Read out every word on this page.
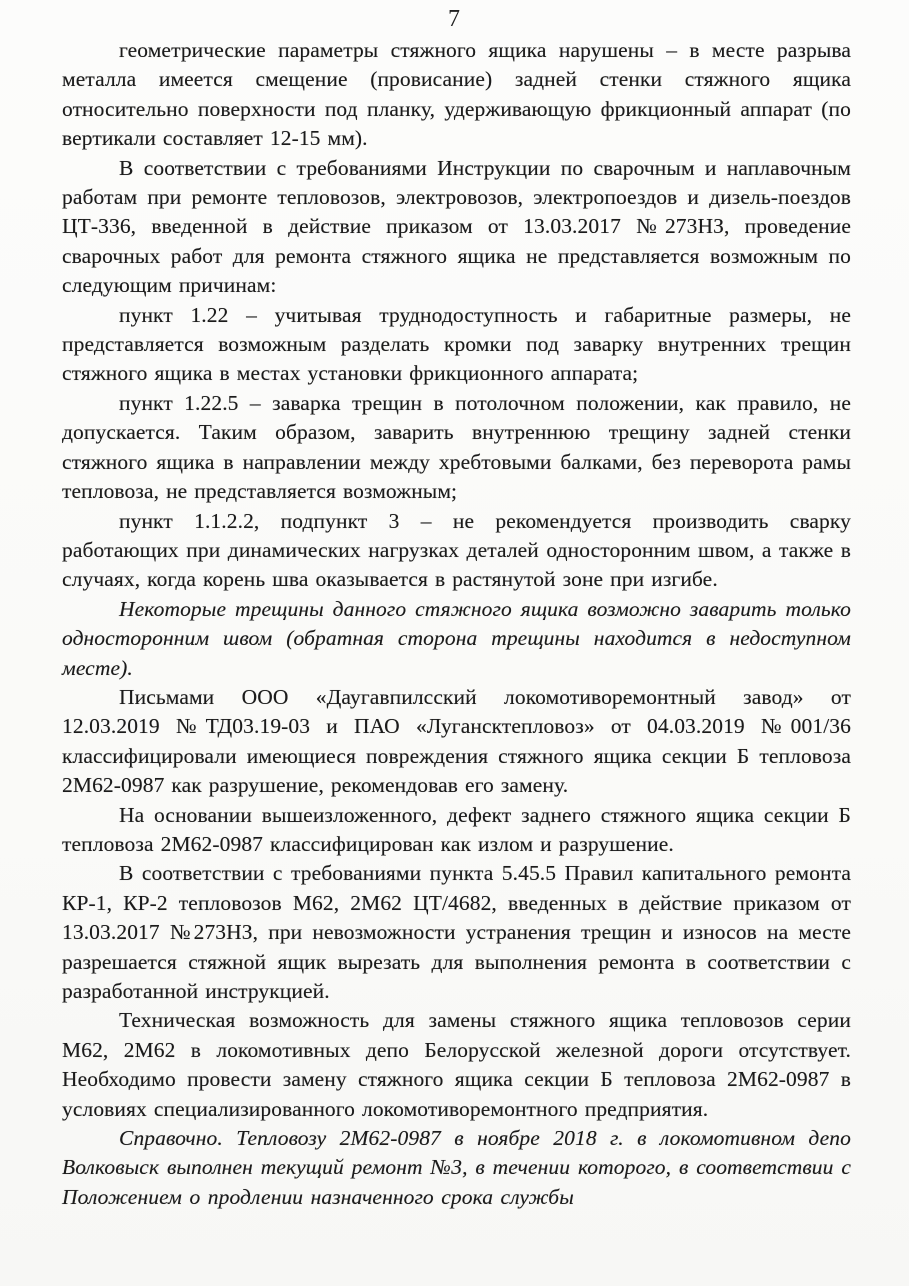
7

геометрические параметры стяжного ящика нарушены – в месте разрыва металла имеется смещение (провисание) задней стенки стяжного ящика относительно поверхности под планку, удерживающую фрикционный аппарат (по вертикали составляет 12-15 мм).

В соответствии с требованиями Инструкции по сварочным и наплавочным работам при ремонте тепловозов, электровозов, электропоездов и дизель-поездов ЦТ-336, введенной в действие приказом от 13.03.2017 №273НЗ, проведение сварочных работ для ремонта стяжного ящика не представляется возможным по следующим причинам:

пункт 1.22 – учитывая труднодоступность и габаритные размеры, не представляется возможным разделать кромки под заварку внутренних трещин стяжного ящика в местах установки фрикционного аппарата;

пункт 1.22.5 – заварка трещин в потолочном положении, как правило, не допускается. Таким образом, заварить внутреннюю трещину задней стенки стяжного ящика в направлении между хребтовыми балками, без переворота рамы тепловоза, не представляется возможным;

пункт 1.1.2.2, подпункт 3 – не рекомендуется производить сварку работающих при динамических нагрузках деталей односторонним швом, а также в случаях, когда корень шва оказывается в растянутой зоне при изгибе.

Некоторые трещины данного стяжного ящика возможно заварить только односторонним швом (обратная сторона трещины находится в недоступном месте).

Письмами ООО «Даугавпилсский локомотиворемонтный завод» от 12.03.2019 №ТД03.19-03 и ПАО «Лугансктепловоз» от 04.03.2019 №001/36 классифицировали имеющиеся повреждения стяжного ящика секции Б тепловоза 2М62-0987 как разрушение, рекомендовав его замену.

На основании вышеизложенного, дефект заднего стяжного ящика секции Б тепловоза 2М62-0987 классифицирован как излом и разрушение.

В соответствии с требованиями пункта 5.45.5 Правил капитального ремонта КР-1, КР-2 тепловозов М62, 2М62 ЦТ/4682, введенных в действие приказом от 13.03.2017 №273НЗ, при невозможности устранения трещин и износов на месте разрешается стяжной ящик вырезать для выполнения ремонта в соответствии с разработанной инструкцией.

Техническая возможность для замены стяжного ящика тепловозов серии М62, 2М62 в локомотивных депо Белорусской железной дороги отсутствует. Необходимо провести замену стяжного ящика секции Б тепловоза 2М62-0987 в условиях специализированного локомотиворемонтного предприятия.

Справочно. Тепловозу 2М62-0987 в ноябре 2018 г. в локомотивном депо Волковыск выполнен текущий ремонт №3, в течении которого, в соответствии с Положением о продлении назначенного срока службы
